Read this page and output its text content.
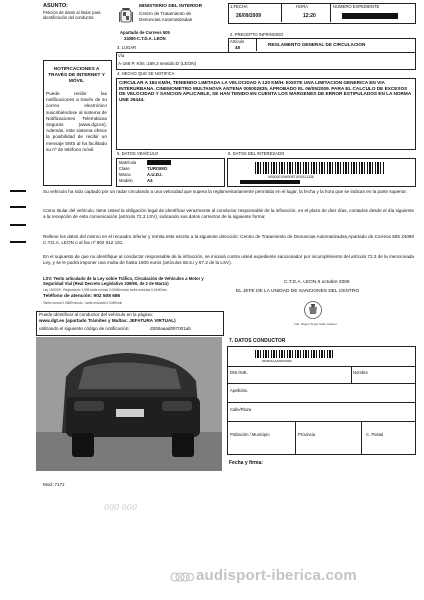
ASUNTO:
Petición de datos al titular para identificación del conductor.
MINISTERIO DEL INTERIOR
Centro de Tratamiento de
Denuncias Automatizadas
Apartado de Correos 505
24080-C.T.D.A. LEON
1.FECHA
26/09/2009
HORA
12:20
NÚMERO EXPEDIENTE
2. PRECEPTO INFRINGIDO
Artículo
48
REGLAMENTO GENERAL DE CIRCULACION
3. LUGAR
Vía
A-166 P. Klm.:169,3 sentido:D (LEON)
NOTIFICACIONES A TRAVÉS DE INTERNET Y MÓVIL
Puede recibir las notificaciones a través de su correo electrónico suscribiéndose al sistema de Notificaciones Telemáticas Seguras (www.dgt.es). Además, este sistema ofrece la posibilidad de recibir un mensaje SMS al ha facilitado su nº de teléfono móvil.
4. HECHO QUE SE NOTIFICA
CIRCULAR A 184 KM/H, TENIENDO LIMITADA LA VELOCIDAD A 120 KM/H. EXISTE UNA LIMITACION GENERICA EN VIA INTERURBANA. CINEMOMETRO MULTANOVA ANTENA 000002835, APROBADO EL 06/05/2009. PARA EL CALCULO DE EXCESOS DE VELOCIDAD Y SANCION APLICABLE, SE HAN TENIDO EN CUENTA LOS MARGENES DE ERROR ESTIPULADOS EN LA NORMA UNE 26444.
5. DATOS VEHÍCULO
Matrícula
Clase	TURISMO
Marca	A.U.D.I.
Modelo	A4
6. DATOS DEL INTERESADO
NS6000106600871000111336
Su vehículo ha sido captado por un radar circulando a una velocidad que supera la reglamentariamente permitida en el lugar, la fecha y la hora que se indican en la parte superior.
Como titular del vehículo, tiene Usted la obligación legal de identificar verazmente al conductor responsable de la infracción, en el plazo de diez días, contados desde el día siguiente a la recepción de esta comunicación (artículo 72.3 LSV), indicando sus datos correctos de la siguiente forma:
Rellene los datos del mismo en el recuadro inferior y remita este escrito a la siguiente dirección: Centro de Tratamiento de Denuncias Automatizadas,Apartado de Correos 505 24080 C.T.D.A. LEON o al fax nº 902 512 151.
En el supuesto de que no identifique al conductor responsable de la infracción, se iniciará contra usted expediente sancionador por incumplimiento del artículo 72.3 de la mencionada Ley, y se le podrá imponer una multa de hasta 1500 euros (artículos 65.5.i y 67.2 de la LSV).
LSV: Texto articulado de la Ley sobre Tráfico, Circulación de Vehículos a Motor y Seguridad Vial (Real Decreto Legislativo 339/90, de 2 de Marzo)
Ley 18/2009 - Reglamento 1.996 tarifa normal 0,006€/minuto tarifa reducida 0,044€/min
Teléfono de atención: 902 508 686
Tarifa normal 0,066€/minuto - tarifa reducida 0,044€/min
C.T.D.A. LEON,6 octubre 2009
EL JEFE DE LA UNIDAD DE SANCIONES DEL CENTRO
Fdo: Miguel Ángel Gallo Álvarez
Puede identificar al conductor del vehículo en la página:
www.dgt.es (apartado Trámites y Multas: JEFATURA VIRTUAL)
utilizando el siguiente código de notificación:	d300aaad097001ab
7. DATOS CONDUCTOR
662B23AAA58190000
DNI./NIE.	Nombre
Apellidos.
Calle/Plaza
Población / Municipio	Provincia	C. Postal
Fecha y firma:
Mod.:717J
000 000
audisport-iberica.com
